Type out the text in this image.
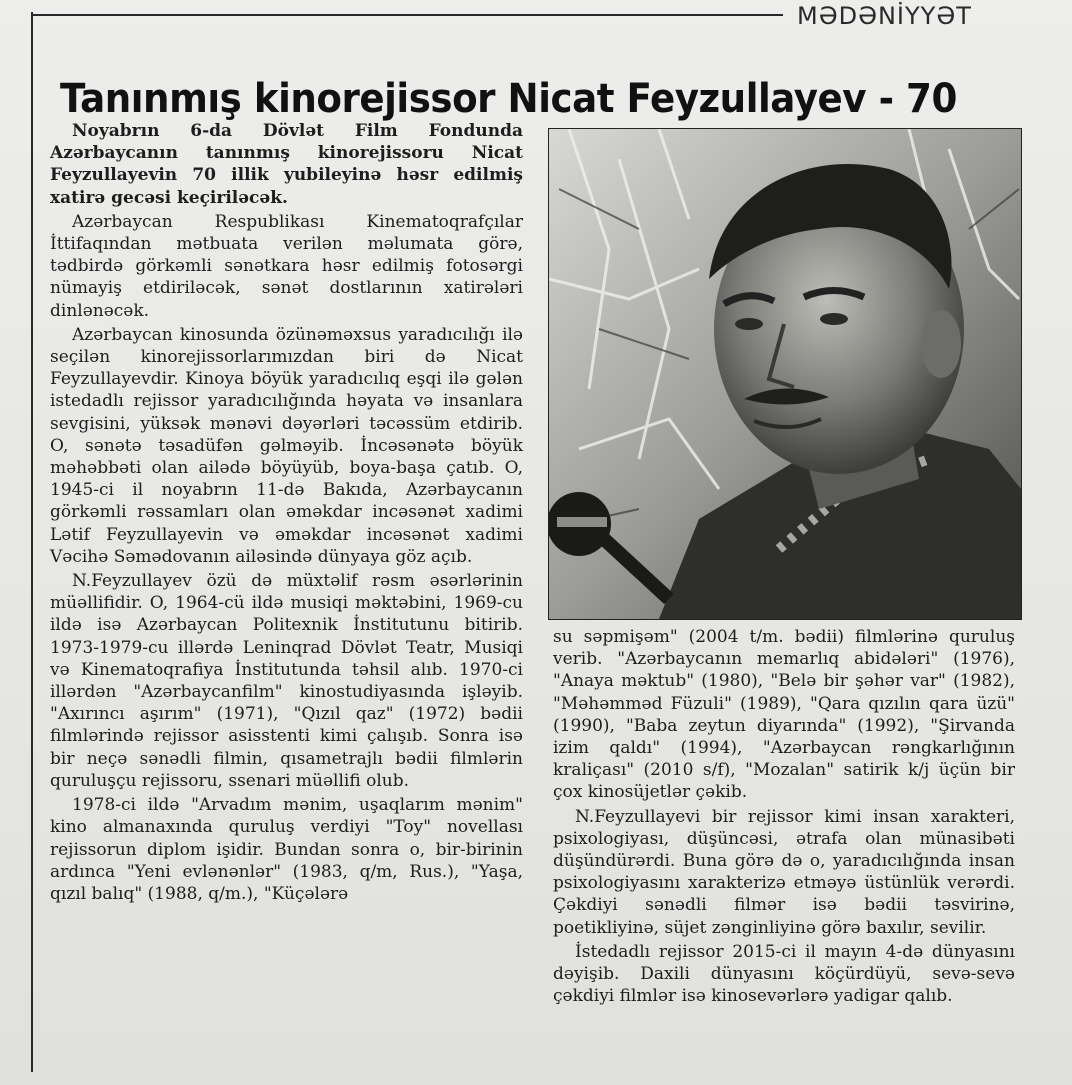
MƏDƏNİYYƏT
Tanınmış kinorejissor Nicat Feyzullayev - 70

Noyabrın 6-da Dövlət Film Fondunda Azərbaycanın tanınmış kinorejissoru Nicat Feyzullayevin 70 illik yubileyinə həsr edilmiş xatirə gecəsi keçiriləcək.

Azərbaycan Respublikası Kinematoqrafçılar İttifaqından mətbuata verilən məlumata görə, tədbirdə görkəmli sənətkara həsr edilmiş fotosərgi nümayiş etdiriləcək, sənət dostlarının xatirələri dinlənəcək.

Azərbaycan kinosunda özünəməxsus yaradıcılığı ilə seçilən kinorejissorlarımızdan biri də Nicat Feyzullayevdir. Kinoya böyük yaradıcılıq eşqi ilə gələn istedadlı rejissor yaradıcılığında həyata və insanlara sevgisini, yüksək mənəvi dəyərləri təcəssüm etdirib. O, sənətə təsadüfən gəlməyib. İncəsənətə böyük məhəbbəti olan ailədə böyüyüb, boya-başa çatıb. O, 1945-ci il noyabrın 11-də Bakıda, Azərbaycanın görkəmli rəssamları olan əməkdar incəsənət xadimi Lətif Feyzullayevin və əməkdar incəsənət xadimi Vəcihə Səmədovanın ailəsində dünyaya göz açıb.

N.Feyzullayev özü də müxtəlif rəsm əsərlərinin müəllifidir. O, 1964-cü ildə musiqi məktəbini, 1969-cu ildə isə Azərbaycan Politexnik İnstitutunu bitirib. 1973-1979-cu illərdə Leninqrad Dövlət Teatr, Musiqi və Kinematoqrafiya İnstitutunda təhsil alıb. 1970-ci illərdən "Azərbaycanfilm" kinostudiyasında işləyib. "Axırıncı aşırım" (1971), "Qızıl qaz" (1972) bədii filmlərində rejissor asisstenti kimi çalışıb. Sonra isə bir neçə sənədli filmin, qısametrajlı bədii filmlərin quruluşçu rejissoru, ssenari müəllifi olub.

1978-ci ildə "Arvadım mənim, uşaqlarım mənim" kino almanaxında quruluş verdiyi "Toy" novellası rejissorun diplom işidir. Bundan sonra o, bir-birinin ardınca "Yeni evlənənlər" (1983, q/m, Rus.), "Yaşa, qızıl balıq" (1988, q/m.), "Küçələrə

su səpmişəm" (2004 t/m. bədii) filmlərinə quruluş verib. "Azərbaycanın memarlıq abidələri" (1976), "Anaya məktub" (1980), "Belə bir şəhər var" (1982), "Məhəmməd Füzuli" (1989), "Qara qızılın qara üzü" (1990), "Baba zeytun diyarında" (1992), "Şirvanda izim qaldı" (1994), "Azərbaycan rəngkarlığının kraliçası" (2010 s/f), "Mozalan" satirik k/j üçün bir çox kinosüjetlər çəkib.

N.Feyzullayevi bir rejissor kimi insan xarakteri, psixologiyası, düşüncəsi, ətrafa olan münasibəti düşündürərdi. Buna görə də o, yaradıcılığında insan psixologiyasını xarakterizə etməyə üstünlük verərdi. Çəkdiyi sənədli filmər isə bədii təsvirinə, poetikliyinə, süjet zənginliyinə görə baxılır, sevilir.

İstedadlı rejissor 2015-ci il mayın 4-də dünyasını dəyişib. Daxili dünyasını köçürdüyü, sevə-sevə çəkdiyi filmlər isə kinosevərlərə yadigar qalıb.
